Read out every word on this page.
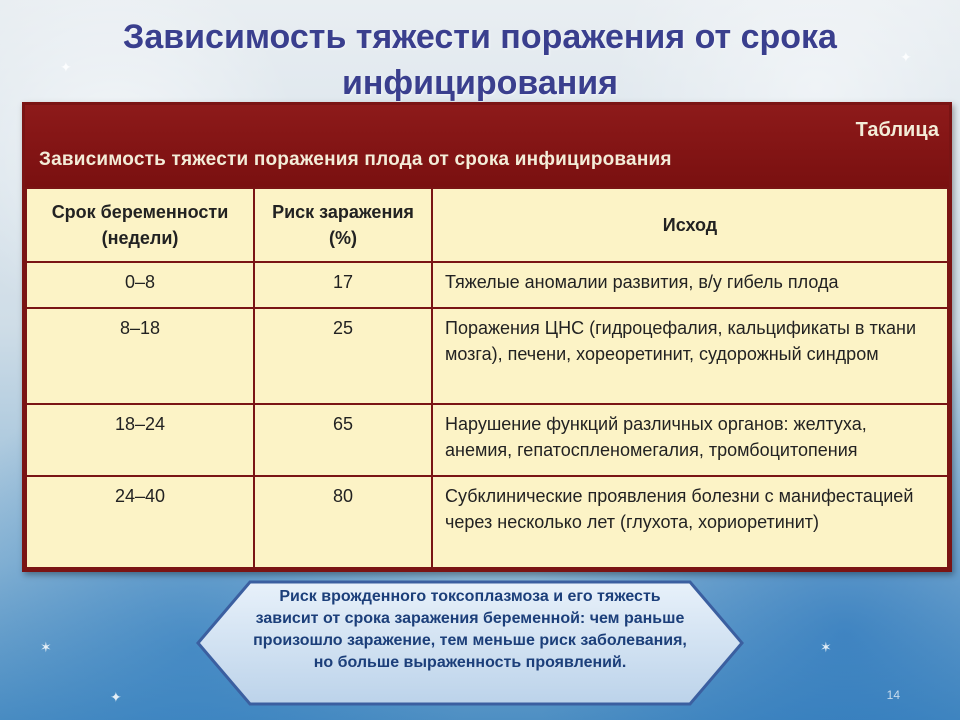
✦
✦
✶	✶
✦
Зависимость тяжести поражения от срока
инфицирования
Таблица
Зависимость тяжести поражения плода от срока инфицирования
Срок беременности (недели)	Риск заражения (%)	Исход
0–8	17	Тяжелые аномалии развития, в/у гибель плода
8–18	25	Поражения ЦНС (гидроцефалия, кальцификаты в ткани мозга), печени, хореоретинит, судорожный синдром
18–24	65	Нарушение функций различных органов: желтуха, анемия, гепатоспленомегалия, тромбоцитопения
24–40	80	Субклинические проявления болезни с манифестацией через несколько лет (глухота, хориоретинит)
Риск врожденного токсоплазмоза и его тяжесть зависит от срока заражения беременной: чем раньше произошло заражение, тем меньше риск заболевания, но больше выраженность проявлений.
14
